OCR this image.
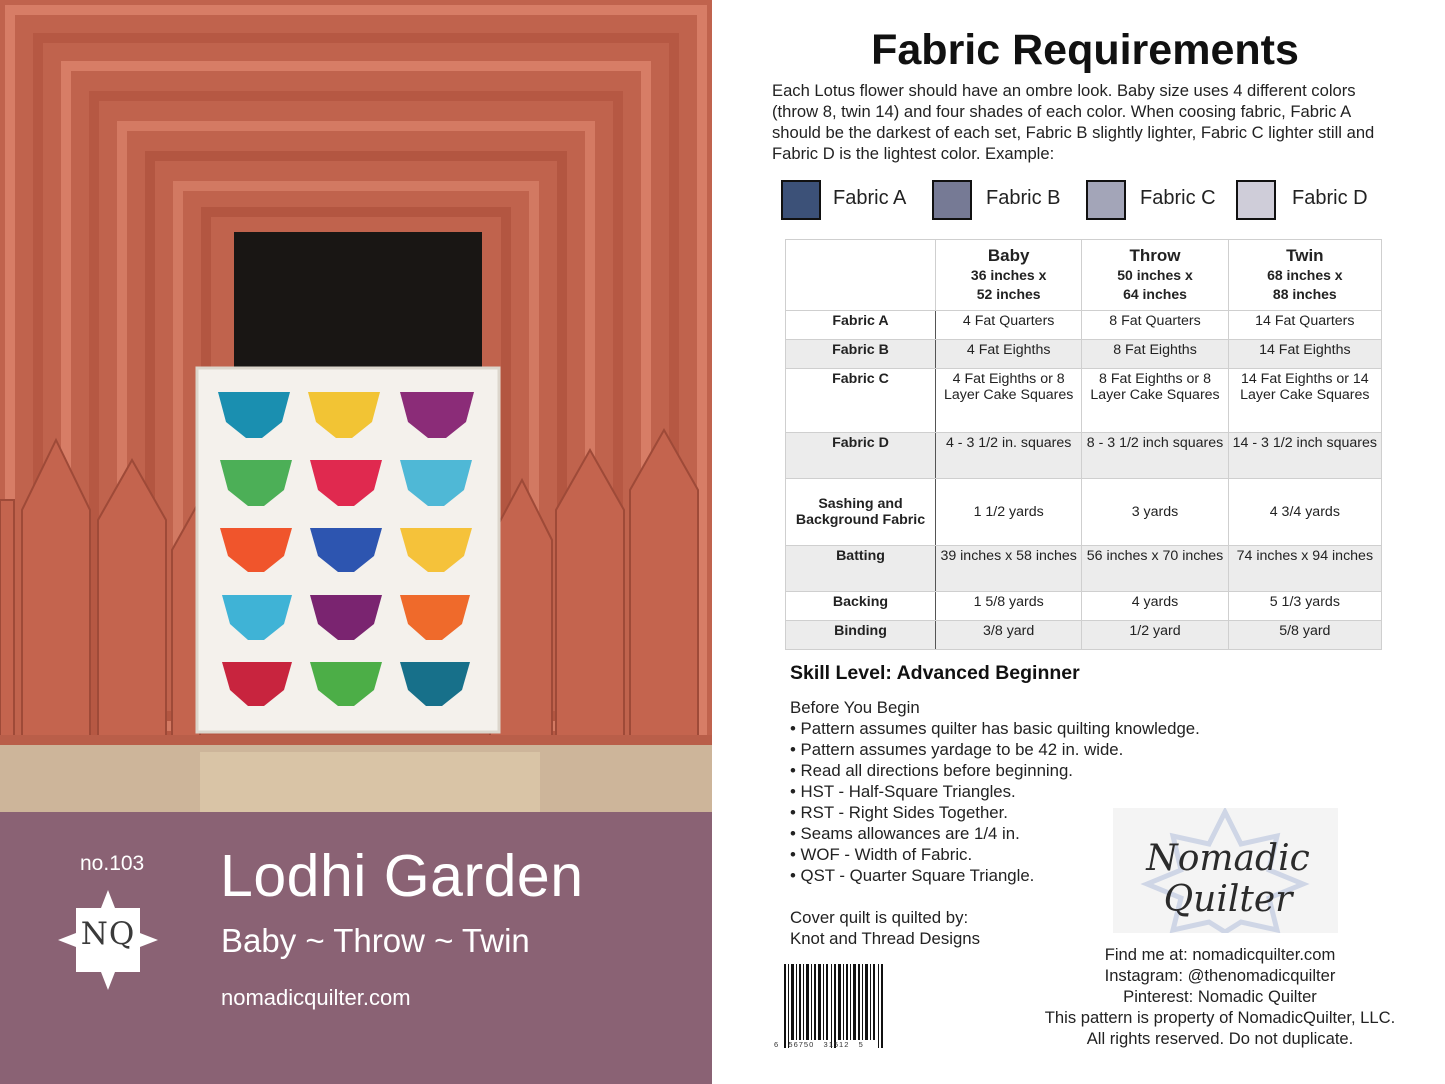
no.103
NQ
Lodhi Garden
Baby ~ Throw ~ Twin
nomadicquilter.com
Fabric Requirements
Each Lotus flower should have an ombre look. Baby size uses 4 different colors (throw 8, twin 14) and four shades of each color. When coosing fabric, Fabric A should be the darkest of each set, Fabric B slightly lighter, Fabric C lighter still and Fabric D is the lightest color. Example:
Fabric A	Fabric B	Fabric C	Fabric D

	Baby
36 inches x
52 inches	Throw
50 inches x
64 inches	Twin
68 inches x
88 inches

Fabric A	4 Fat Quarters	8 Fat Quarters	14 Fat Quarters
Fabric B	4 Fat Eighths	8 Fat Eighths	14 Fat Eighths
Fabric C	4 Fat Eighths or 8 Layer Cake Squares	8 Fat Eighths or 8 Layer Cake Squares	14 Fat Eighths or 14 Layer Cake Squares
Fabric D	4 - 3 1/2 in. squares	8 - 3 1/2 inch squares	14 - 3 1/2 inch squares
Sashing and Background Fabric	1 1/2 yards	3 yards	4 3/4 yards
Batting	39 inches x 58 inches	56 inches x 70 inches	74 inches x 94 inches
Backing	1 5/8 yards	4 yards	5 1/3 yards
Binding	3/8 yard	1/2 yard	5/8 yard
Skill Level: Advanced Beginner
Before You Begin
• Pattern assumes quilter has basic quilting knowledge.
• Pattern assumes yardage to be 42 in. wide.
• Read all directions before beginning.
• HST - Half-Square Triangles.
• RST - Right Sides Together.
• Seams allowances are 1/4 in.
• WOF - Width of Fabric.
• QST - Quarter Square Triangle.
Cover quilt is quilted by:
Knot and Thread Designs
Nomadic Quilter
6   56750   31512   5
Find me at: nomadicquilter.com
Instagram: @thenomadicquilter
Pinterest: Nomadic Quilter
This pattern is property of NomadicQuilter, LLC.
All rights reserved. Do not duplicate.
